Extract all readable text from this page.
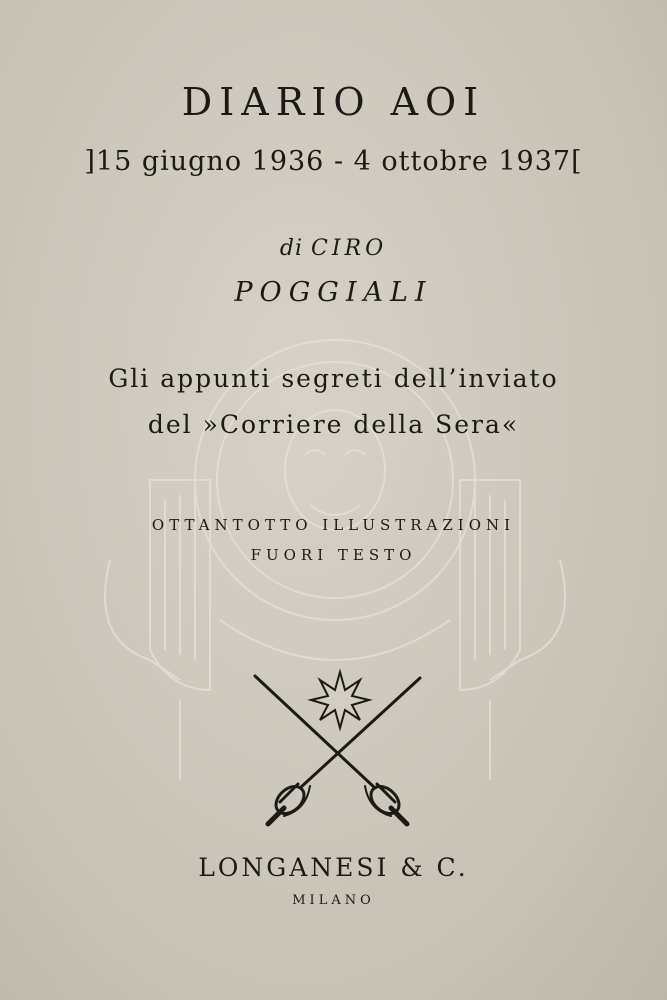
DIARIO AOI
]15 giugno 1936 - 4 ottobre 1937[
di CIRO
POGGIALI
Gli appunti segreti dell’inviato
del »Corriere della Sera«
OTTANTOTTO ILLUSTRAZIONI
FUORI TESTO
LONGANESI & C.
MILANO
